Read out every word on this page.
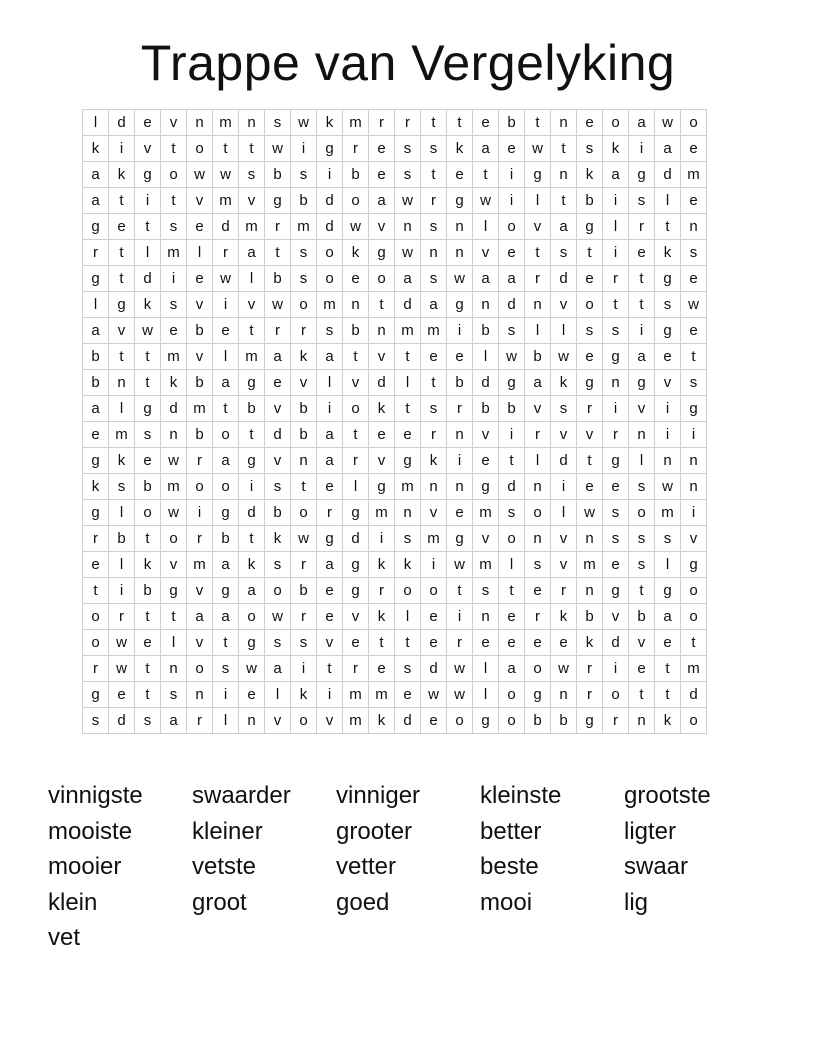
Trappe van Vergelyking
l	d	e	v	n	m	n	s	w	k	m	r	r	t	t	e	b	t	n	e	o	a	w	o
k	i	v	t	o	t	t	w	i	g	r	e	s	s	k	a	e	w	t	s	k	i	a	e
a	k	g	o	w	w	s	b	s	i	b	e	s	t	e	t	i	g	n	k	a	g	d	m
a	t	i	t	v	m	v	g	b	d	o	a	w	r	g	w	i	l	t	b	i	s	l	e
g	e	t	s	e	d	m	r	m	d	w	v	n	s	n	l	o	v	a	g	l	r	t	n
r	t	l	m	l	r	a	t	s	o	k	g	w	n	n	v	e	t	s	t	i	e	k	s
g	t	d	i	e	w	l	b	s	o	e	o	a	s	w	a	a	r	d	e	r	t	g	e
l	g	k	s	v	i	v	w	o	m	n	t	d	a	g	n	d	n	v	o	t	t	s	w
a	v	w	e	b	e	t	r	r	s	b	n	m	m	i	b	s	l	l	s	s	i	g	e
b	t	t	m	v	l	m	a	k	a	t	v	t	e	e	l	w	b	w	e	g	a	e	t
b	n	t	k	b	a	g	e	v	l	v	d	l	t	b	d	g	a	k	g	n	g	v	s
a	l	g	d	m	t	b	v	b	i	o	k	t	s	r	b	b	v	s	r	i	v	i	g
e	m	s	n	b	o	t	d	b	a	t	e	e	r	n	v	i	r	v	v	r	n	i	i
g	k	e	w	r	a	g	v	n	a	r	v	g	k	i	e	t	l	d	t	g	l	n	n
k	s	b	m	o	o	i	s	t	e	l	g	m	n	n	g	d	n	i	e	e	s	w	n
g	l	o	w	i	g	d	b	o	r	g	m	n	v	e	m	s	o	l	w	s	o	m	i
r	b	t	o	r	b	t	k	w	g	d	i	s	m	g	v	o	n	v	n	s	s	s	v
e	l	k	v	m	a	k	s	r	a	g	k	k	i	w	m	l	s	v	m	e	s	l	g
t	i	b	g	v	g	a	o	b	e	g	r	o	o	t	s	t	e	r	n	g	t	g	o
o	r	t	t	a	a	o	w	r	e	v	k	l	e	i	n	e	r	k	b	v	b	a	o
o	w	e	l	v	t	g	s	s	v	e	t	t	e	r	e	e	e	e	k	d	v	e	t
r	w	t	n	o	s	w	a	i	t	r	e	s	d	w	l	a	o	w	r	i	e	t	m
g	e	t	s	n	i	e	l	k	i	m	m	e	w	w	l	o	g	n	r	o	t	t	d
s	d	s	a	r	l	n	v	o	v	m	k	d	e	o	g	o	b	b	g	r	n	k	o
vinnigste	swaarder	vinniger	kleinste	grootste
mooiste	kleiner	grooter	better	ligter
mooier	vetste	vetter	beste	swaar
klein	groot	goed	mooi	lig
vet
